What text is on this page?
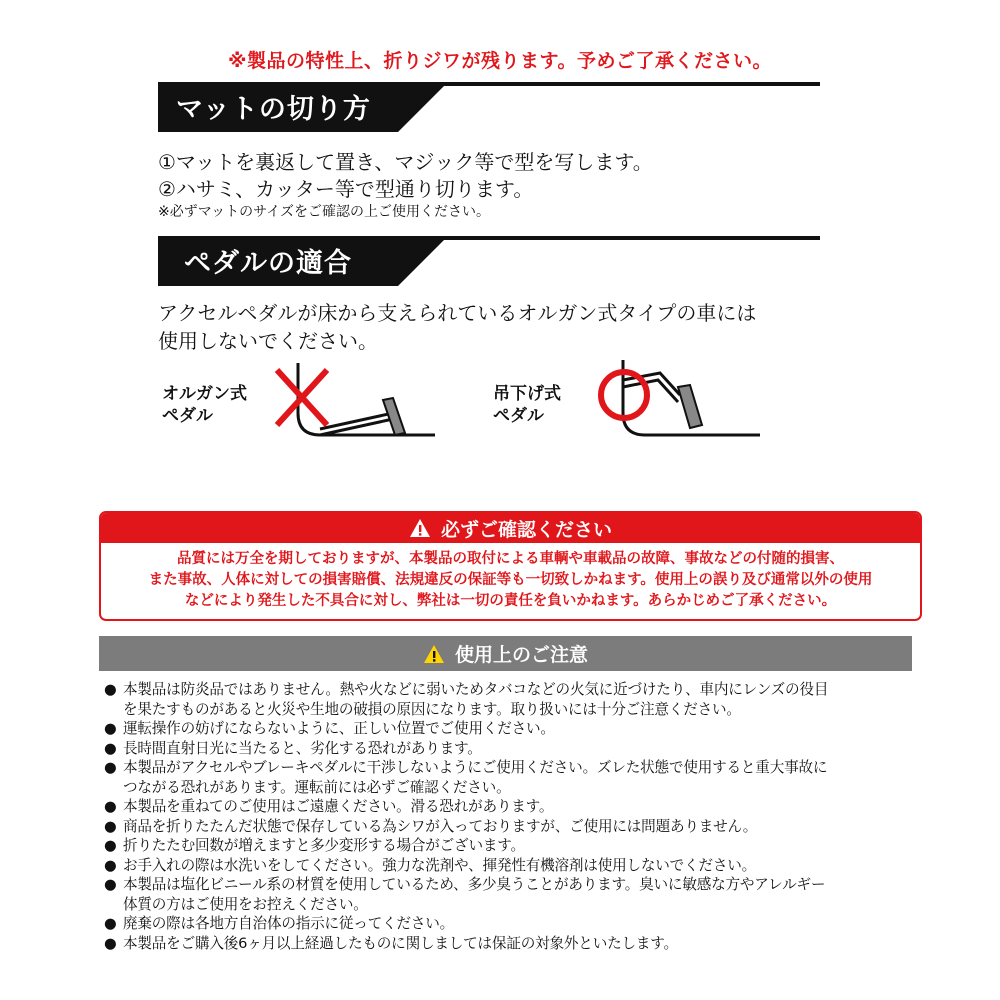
※製品の特性上、折りジワが残ります。予めご了承ください。
マットの切り方
①マットを裏返して置き、マジック等で型を写します。
②ハサミ、カッター等で型通り切ります。
※必ずマットのサイズをご確認の上ご使用ください。
ペダルの適合
アクセルペダルが床から支えられているオルガン式タイプの車には
使用しないでください。
オルガン式
ペダル
吊下げ式
ペダル
必ずご確認ください
品質には万全を期しておりますが、本製品の取付による車輌や車載品の故障、事故などの付随的損害、
また事故、人体に対しての損害賠償、法規違反の保証等も一切致しかねます。使用上の誤り及び通常以外の使用
などにより発生した不具合に対し、弊社は一切の責任を負いかねます。あらかじめご了承ください。
使用上のご注意
● 本製品は防炎品ではありません。熱や火などに弱いためタバコなどの火気に近づけたり、車内にレンズの役目
を果たすものがあると火災や生地の破損の原因になります。取り扱いには十分ご注意ください。
● 運転操作の妨げにならないように、正しい位置でご使用ください。
● 長時間直射日光に当たると、劣化する恐れがあります。
● 本製品がアクセルやブレーキペダルに干渉しないようにご使用ください。ズレた状態で使用すると重大事故に
つながる恐れがあります。運転前には必ずご確認ください。
● 本製品を重ねてのご使用はご遠慮ください。滑る恐れがあります。
● 商品を折りたたんだ状態で保存している為シワが入っておりますが、ご使用には問題ありません。
● 折りたたむ回数が増えますと多少変形する場合がございます。
● お手入れの際は水洗いをしてください。強力な洗剤や、揮発性有機溶剤は使用しないでください。
● 本製品は塩化ビニール系の材質を使用しているため、多少臭うことがあります。臭いに敏感な方やアレルギー
体質の方はご使用をお控えください。
● 廃棄の際は各地方自治体の指示に従ってください。
● 本製品をご購入後6ヶ月以上経過したものに関しましては保証の対象外といたします。
